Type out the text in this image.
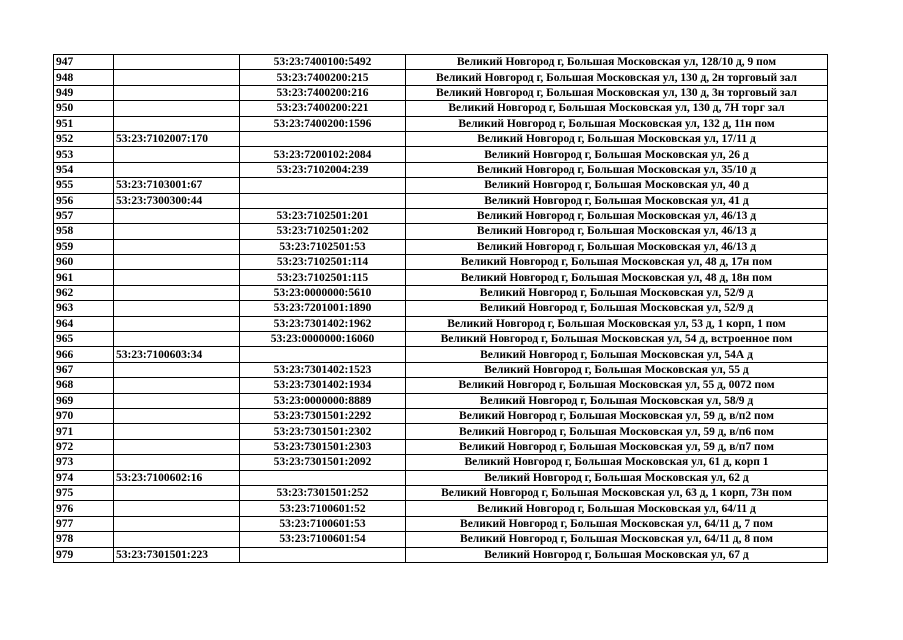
947		53:23:7400100:5492	Великий Новгород г, Большая Московская ул, 128/10 д, 9 пом
948		53:23:7400200:215	Великий Новгород г, Большая Московская ул, 130 д, 2н торговый зал
949		53:23:7400200:216	Великий Новгород г, Большая Московская ул, 130 д, 3н торговый зал
950		53:23:7400200:221	Великий Новгород г, Большая Московская ул, 130 д, 7Н торг зал
951		53:23:7400200:1596	Великий Новгород г, Большая Московская ул, 132 д, 11н пом
952	53:23:7102007:170		Великий Новгород г, Большая Московская ул, 17/11 д
953		53:23:7200102:2084	Великий Новгород г, Большая Московская ул, 26 д
954		53:23:7102004:239	Великий Новгород г, Большая Московская ул, 35/10 д
955	53:23:7103001:67		Великий Новгород г, Большая Московская ул, 40 д
956	53:23:7300300:44		Великий Новгород г, Большая Московская ул, 41 д
957		53:23:7102501:201	Великий Новгород г, Большая Московская ул, 46/13 д
958		53:23:7102501:202	Великий Новгород г, Большая Московская ул, 46/13 д
959		53:23:7102501:53	Великий Новгород г, Большая Московская ул, 46/13 д
960		53:23:7102501:114	Великий Новгород г, Большая Московская ул, 48 д, 17н пом
961		53:23:7102501:115	Великий Новгород г, Большая Московская ул, 48 д, 18н пом
962		53:23:0000000:5610	Великий Новгород г, Большая Московская ул, 52/9 д
963		53:23:7201001:1890	Великий Новгород г, Большая Московская ул, 52/9 д
964		53:23:7301402:1962	Великий Новгород г, Большая Московская ул, 53 д, 1 корп, 1 пом
965		53:23:0000000:16060	Великий Новгород г, Большая Московская ул, 54 д, встроенное пом
966	53:23:7100603:34		Великий Новгород г, Большая Московская ул, 54А д
967		53:23:7301402:1523	Великий Новгород г, Большая Московская ул, 55 д
968		53:23:7301402:1934	Великий Новгород г, Большая Московская ул, 55 д, 0072 пом
969		53:23:0000000:8889	Великий Новгород г, Большая Московская ул, 58/9 д
970		53:23:7301501:2292	Великий Новгород г, Большая Московская ул, 59 д, в/п2 пом
971		53:23:7301501:2302	Великий Новгород г, Большая Московская ул, 59 д, в/п6 пом
972		53:23:7301501:2303	Великий Новгород г, Большая Московская ул, 59 д, в/п7 пом
973		53:23:7301501:2092	Великий Новгород г, Большая Московская ул, 61 д, корп 1
974	53:23:7100602:16		Великий Новгород г, Большая Московская ул, 62 д
975		53:23:7301501:252	Великий Новгород г, Большая Московская ул, 63 д, 1 корп, 73н пом
976		53:23:7100601:52	Великий Новгород г, Большая Московская ул, 64/11 д
977		53:23:7100601:53	Великий Новгород г, Большая Московская ул, 64/11 д, 7 пом
978		53:23:7100601:54	Великий Новгород г, Большая Московская ул, 64/11 д, 8 пом
979	53:23:7301501:223		Великий Новгород г, Большая Московская ул, 67 д
